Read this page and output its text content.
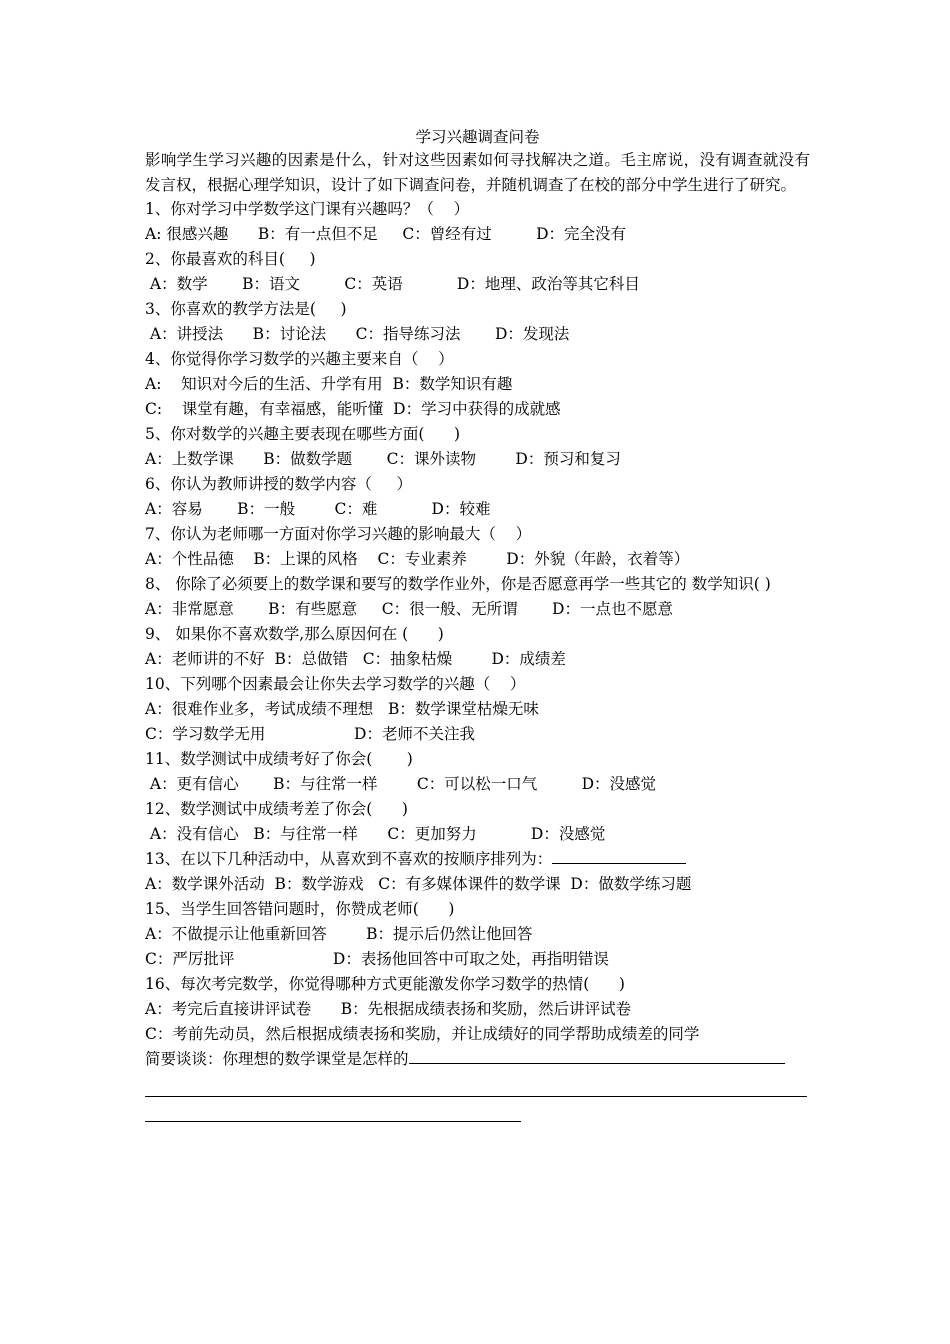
学习兴趣调查问卷

影响学生学习兴趣的因素是什么，针对这些因素如何寻找解决之道。毛主席说，没有调查就没有发言权，根据心理学知识，设计了如下调查问卷，并随机调查了在校的部分中学生进行了研究。

1、你对学习中学数学这门课有兴趣吗？（    ）

A: 很感兴趣      B：有一点但不足     C：曾经有过         D：完全没有

2、你最喜欢的科目(     )

A：数学       B：语文         C：英语           D：地理、政治等其它科目

3、你喜欢的教学方法是(     )

A：讲授法      B：讨论法      C：指导练习法       D：发现法

4、你觉得你学习数学的兴趣主要来自（    ）

A:    知识对今后的生活、升学有用  B：数学知识有趣

C:    课堂有趣，有幸福感，能听懂  D：学习中获得的成就感

5、你对数学的兴趣主要表现在哪些方面(      )

A：上数学课      B：做数学题       C：课外读物        D：预习和复习

6、你认为教师讲授的数学内容（     ）

A：容易       B：一般        C：难           D：较难

7、你认为老师哪一方面对你学习兴趣的影响最大（    ）

A：个性品德    B：上课的风格    C：专业素养        D：外貌（年龄，衣着等）

8、 你除了必须要上的数学课和要写的数学作业外，你是否愿意再学一些其它的 数学知识( )

A：非常愿意       B：有些愿意     C：很一般、无所谓       D：一点也不愿意

9、 如果你不喜欢数学,那么原因何在 (      )

A：老师讲的不好  B：总做错   C：抽象枯燥        D：成绩差

10、下列哪个因素最会让你失去学习数学的兴趣（    ）

A：很难作业多，考试成绩不理想   B：数学课堂枯燥无味

C：学习数学无用                  D：老师不关注我

11、数学测试中成绩考好了你会(       )

A：更有信心       B：与往常一样        C：可以松一口气         D：没感觉

12、数学测试中成绩考差了你会(      )

A：没有信心   B：与往常一样      C：更加努力           D：没感觉

13、在以下几种活动中，从喜欢到不喜欢的按顺序排列为：

A：数学课外活动  B：数学游戏   C：有多媒体课件的数学课  D：做数学练习题

15、当学生回答错问题时，你赞成老师(      )

A：不做提示让他重新回答        B：提示后仍然让他回答

C：严厉批评                    D：表扬他回答中可取之处，再指明错误

16、每次考完数学，你觉得哪种方式更能激发你学习数学的热情(      )

A：考完后直接讲评试卷      B：先根据成绩表扬和奖励，然后讲评试卷

C：考前先动员，然后根据成绩表扬和奖励，并让成绩好的同学帮助成绩差的同学

简要谈谈：你理想的数学课堂是怎样的
